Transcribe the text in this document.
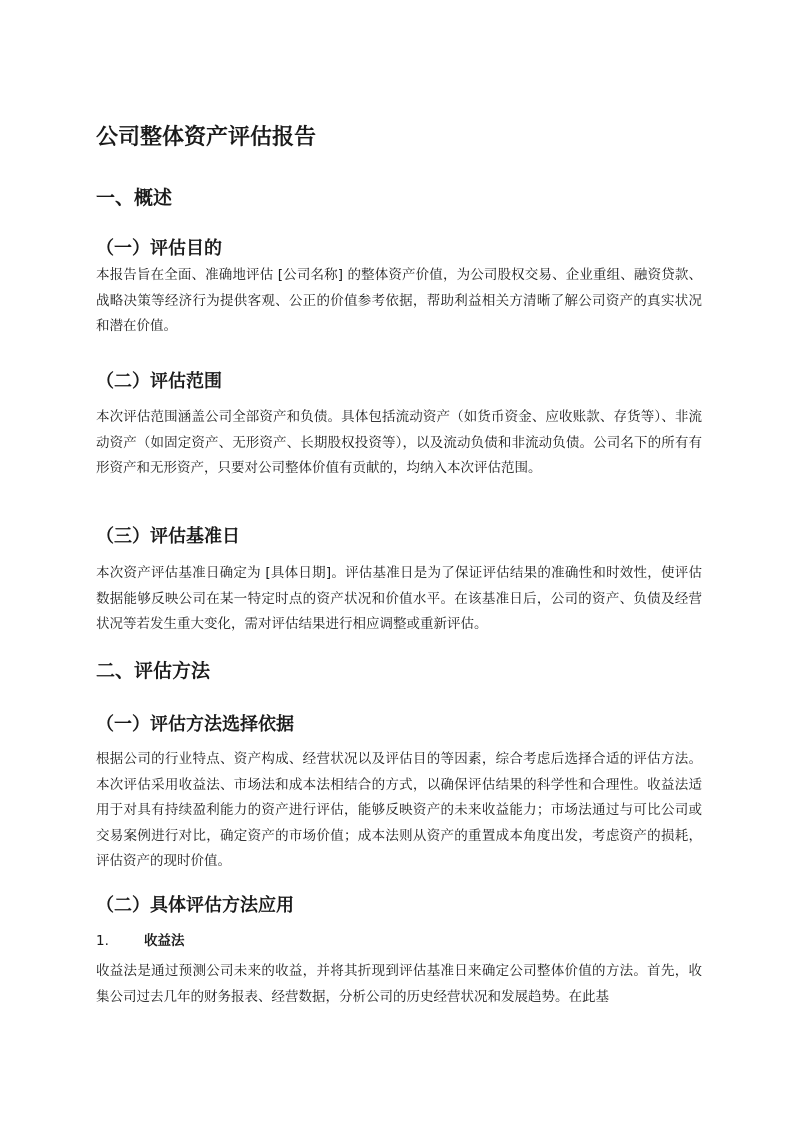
公司整体资产评估报告
一、概述
（一）评估目的

本报告旨在全面、准确地评估 [公司名称] 的整体资产价值，为公司股权交易、企业重组、融资贷款、战略决策等经济行为提供客观、公正的价值参考依据，帮助利益相关方清晰了解公司资产的真实状况和潜在价值。

（二）评估范围

本次评估范围涵盖公司全部资产和负债。具体包括流动资产（如货币资金、应收账款、存货等）、非流动资产（如固定资产、无形资产、长期股权投资等），以及流动负债和非流动负债。公司名下的所有有形资产和无形资产，只要对公司整体价值有贡献的，均纳入本次评估范围。

（三）评估基准日

本次资产评估基准日确定为 [具体日期]。评估基准日是为了保证评估结果的准确性和时效性，使评估数据能够反映公司在某一特定时点的资产状况和价值水平。在该基准日后，公司的资产、负债及经营状况等若发生重大变化，需对评估结果进行相应调整或重新评估。

二、评估方法
（一）评估方法选择依据

根据公司的行业特点、资产构成、经营状况以及评估目的等因素，综合考虑后选择合适的评估方法。本次评估采用收益法、市场法和成本法相结合的方式，以确保评估结果的科学性和合理性。收益法适用于对具有持续盈利能力的资产进行评估，能够反映资产的未来收益能力；市场法通过与可比公司或交易案例进行对比，确定资产的市场价值；成本法则从资产的重置成本角度出发，考虑资产的损耗，评估资产的现时价值。

（二）具体评估方法应用
1.	收益法

收益法是通过预测公司未来的收益，并将其折现到评估基准日来确定公司整体价值的方法。首先，收集公司过去几年的财务报表、经营数据，分析公司的历史经营状况和发展趋势。在此基
